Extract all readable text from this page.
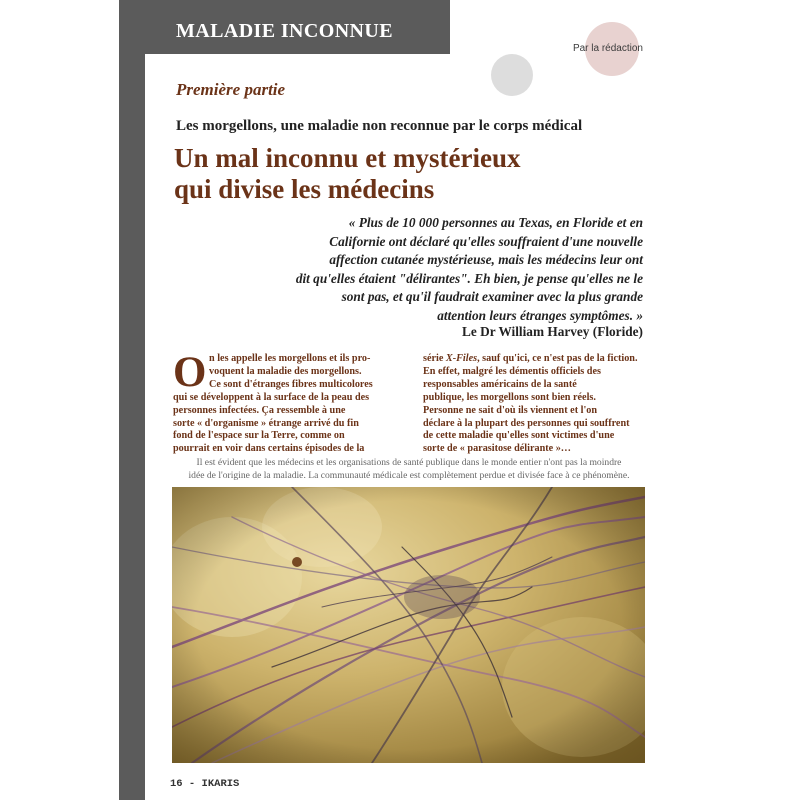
MALADIE INCONNUE
Par la rédaction
Première partie
Les morgellons, une maladie non reconnue par le corps médical
Un mal inconnu et mystérieux
qui divise les médecins
« Plus de 10 000 personnes au Texas, en Floride et en
Californie ont déclaré qu'elles souffraient d'une nouvelle
affection cutanée mystérieuse, mais les médecins leur ont
dit qu'elles étaient "délirantes". Eh bien, je pense qu'elles ne le
sont pas, et qu'il faudrait examiner avec la plus grande
attention leurs étranges symptômes. »
Le Dr William Harvey (Floride)
O n les appelle les morgellons et ils pro-
voquent la maladie des morgellons.
Ce sont d'étranges fibres multicolores
qui se développent à la surface de la peau des
personnes infectées. Ça ressemble à une
sorte « d'organisme » étrange arrivé du fin
fond de l'espace sur la Terre, comme on
pourrait en voir dans certains épisodes de la
série X-Files, sauf qu'ici, ce n'est pas de la fiction.
En effet, malgré les démentis officiels des
responsables américains de la santé
publique, les morgellons sont bien réels.
Personne ne sait d'où ils viennent et l'on
déclare à la plupart des personnes qui souffrent
de cette maladie qu'elles sont victimes d'une
sorte de « parasitose délirante »…
Il est évident que les médecins et les organisations de santé publique dans le monde entier n'ont pas la moindre
idée de l'origine de la maladie. La communauté médicale est complètement perdue et divisée face à ce phénomène.
16 - IKARIS
